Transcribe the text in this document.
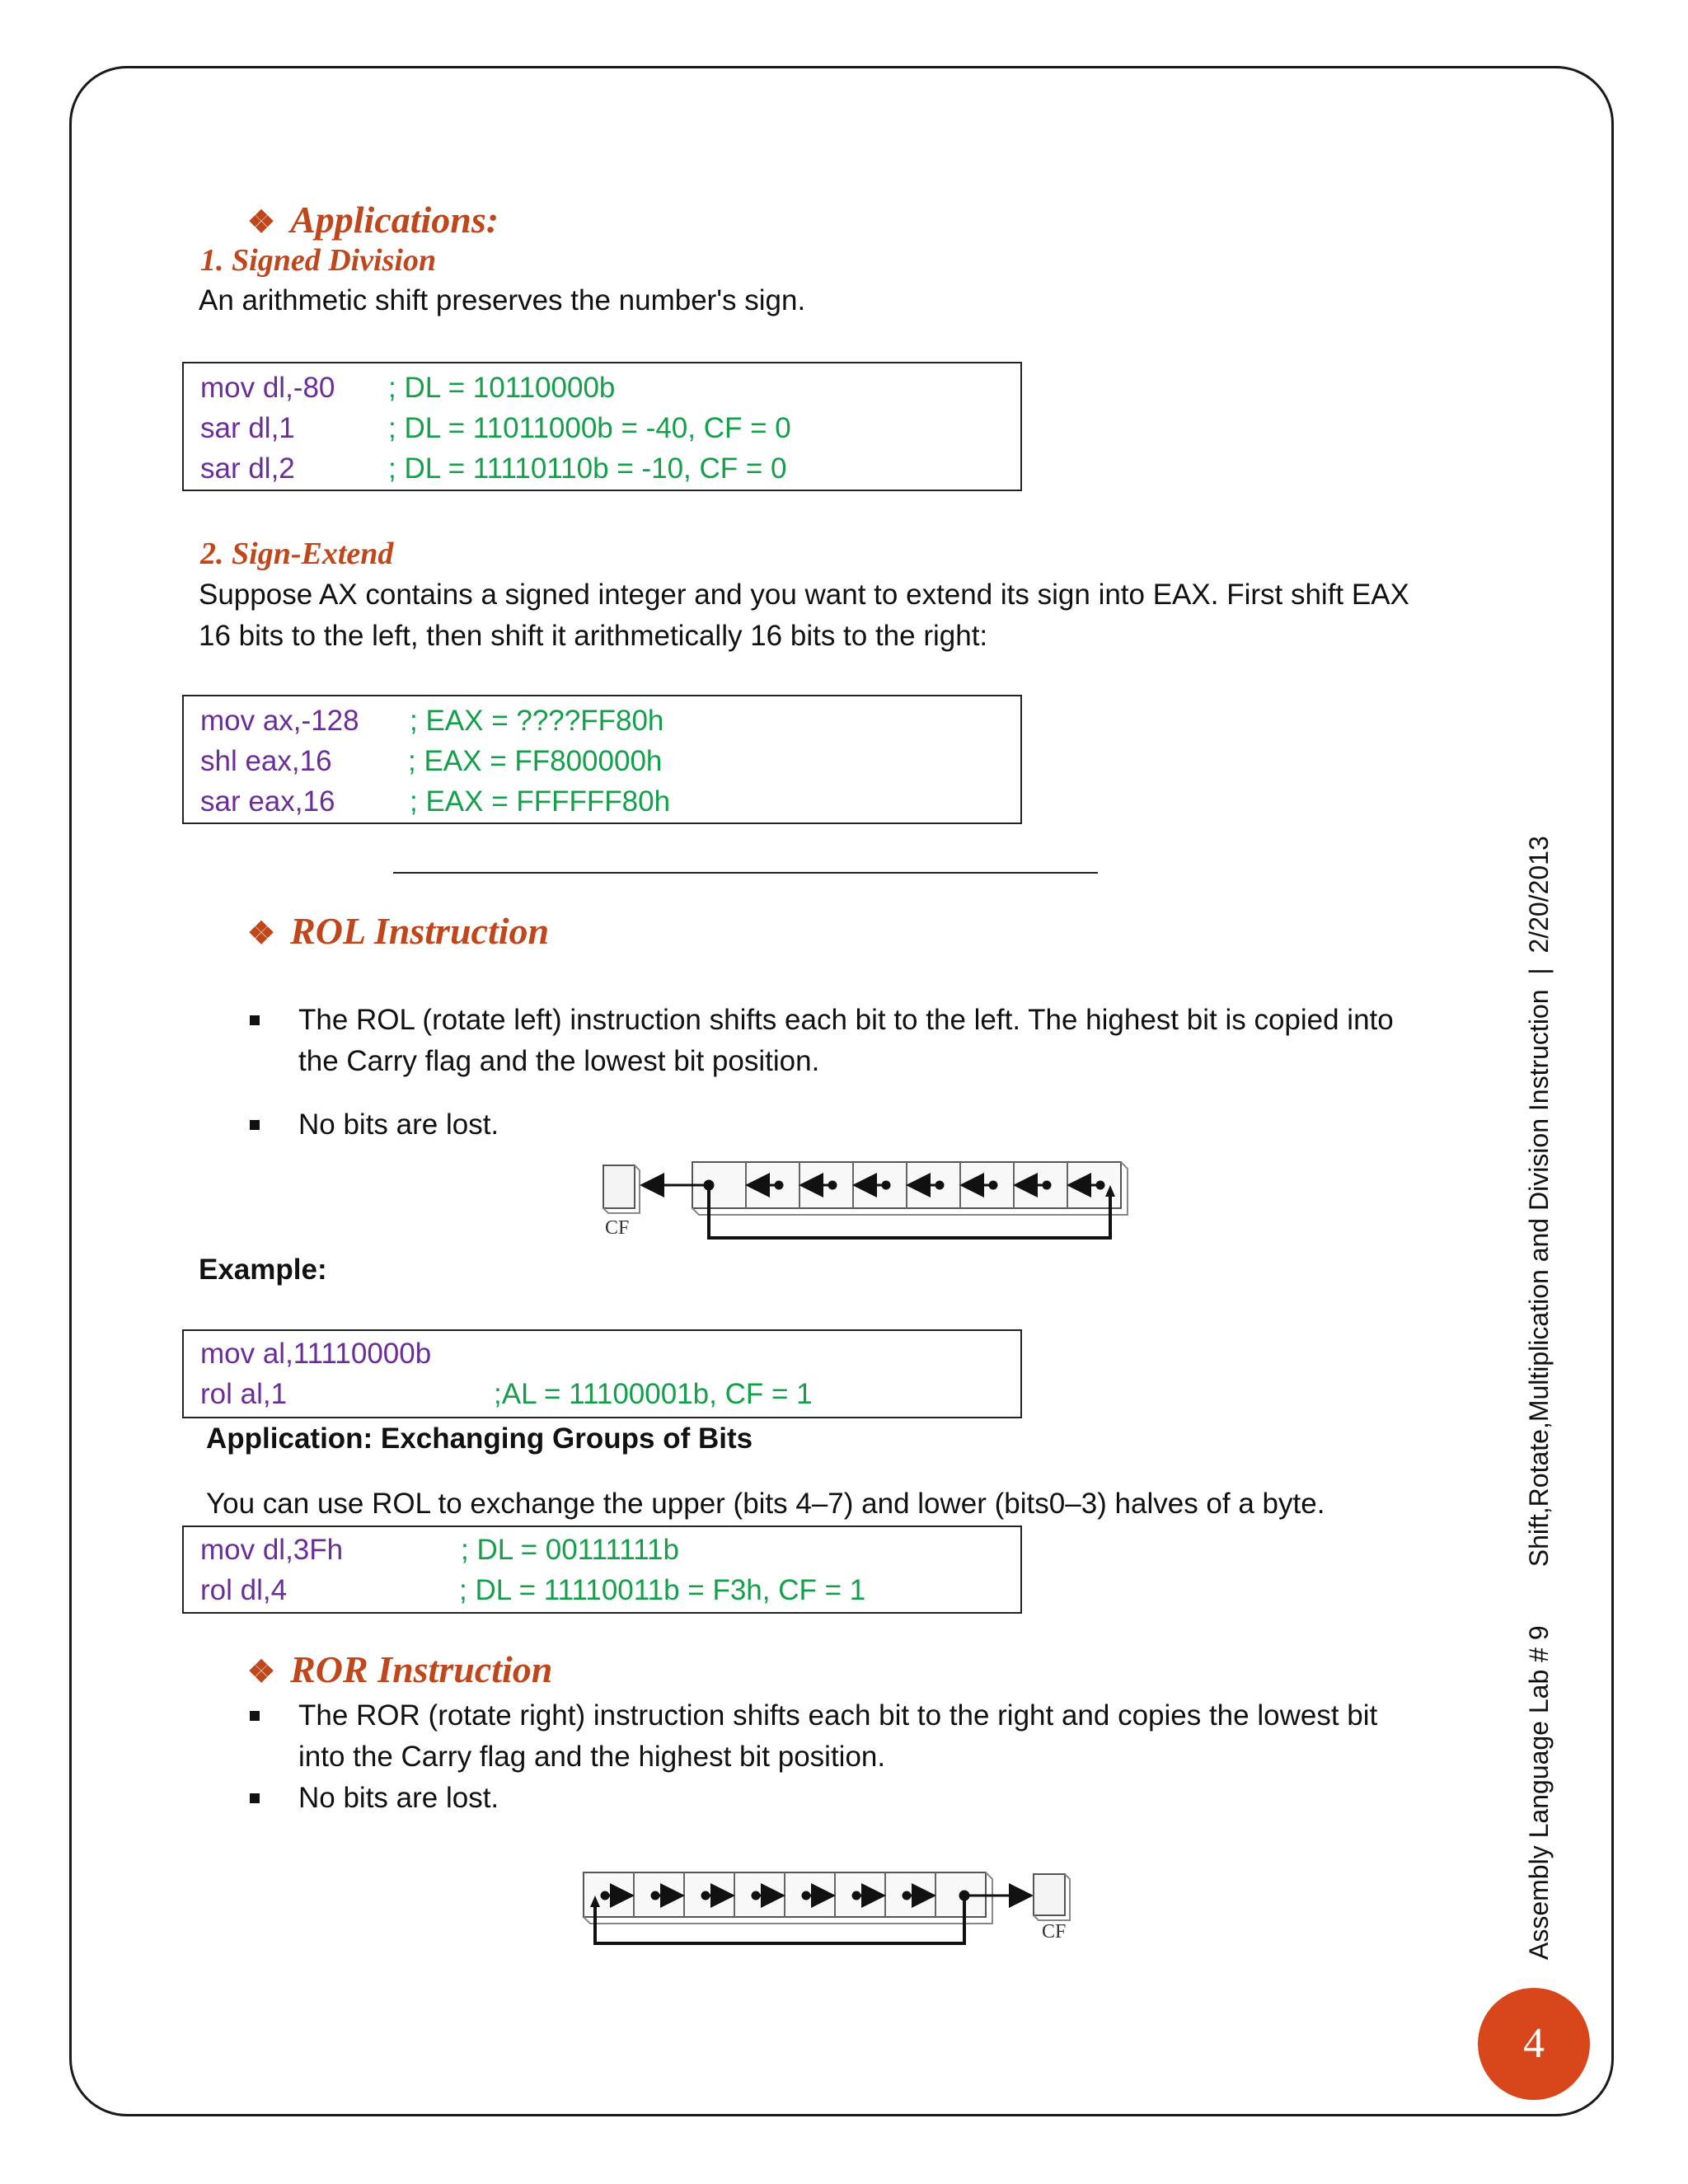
❖ Applications:
1. Signed Division
An arithmetic shift preserves the number's sign.
mov dl,-80 ; DL = 10110000b
sar dl,1	; DL = 11011000b = -40, CF = 0
sar dl,2	; DL = 11110110b = -10, CF = 0
2. Sign-Extend
Suppose AX contains a signed integer and you want to extend its sign into EAX. First shift EAX
16 bits to the left, then shift it arithmetically 16 bits to the right:
mov ax,-128 ; EAX = ????FF80h
shl eax,16	; EAX = FF800000h
sar eax,16	; EAX = FFFFFF80h
❖ ROL Instruction
The ROL (rotate left) instruction shifts each bit to the left. The highest bit is copied into
the Carry flag and the lowest bit position.
No bits are lost.
CF
Example:
mov al,11110000b
rol al,1	;AL = 11100001b, CF = 1
Application: Exchanging Groups of Bits
You can use ROL to exchange the upper (bits 4–7) and lower (bits0–3) halves of a byte.
mov dl,3Fh	; DL = 00111111b
rol dl,4	; DL = 11110011b = F3h, CF = 1
❖ ROR Instruction
The ROR (rotate right) instruction shifts each bit to the right and copies the lowest bit
into the Carry flag and the highest bit position.
No bits are lost.
CF	Assembly Language Lab # 9        Shift,Rotate,Multiplication and Division Instruction  |  2/20/2013
4
